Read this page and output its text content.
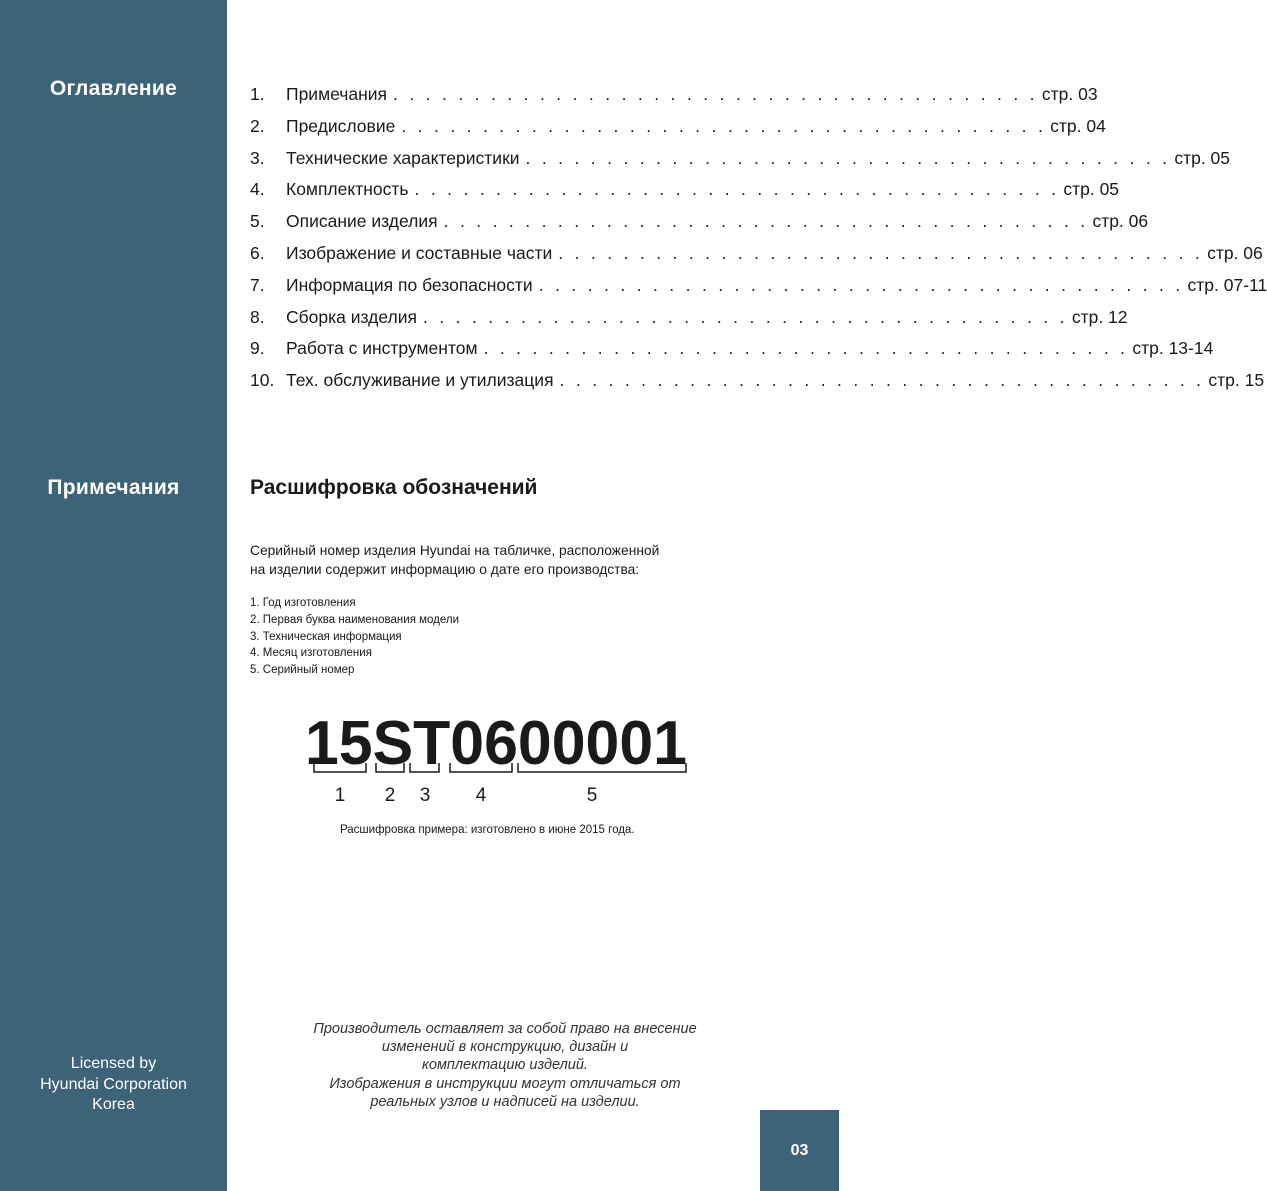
Оглавление
Примечания
Licensed by
Hyundai Corporation
Korea
1.	Примечания . . . . . . . . . . . . . . . . . . . . . . . . . . . . . . . . . . . . . . . . стр. 03
2.	Предисловие . . . . . . . . . . . . . . . . . . . . . . . . . . . . . . . . . . . . . . . . стр. 04
3.	Технические характеристики . . . . . . . . . . . . . . . . . . . . . . . . . . . . . . . . . . . . . . . . стр. 05
4.	Комплектность . . . . . . . . . . . . . . . . . . . . . . . . . . . . . . . . . . . . . . . . стр. 05
5.	Описание изделия . . . . . . . . . . . . . . . . . . . . . . . . . . . . . . . . . . . . . . . . стр. 06
6.	Изображение и составные части . . . . . . . . . . . . . . . . . . . . . . . . . . . . . . . . . . . . . . . . стр. 06
7.	Информация по безопасности . . . . . . . . . . . . . . . . . . . . . . . . . . . . . . . . . . . . . . . . стр. 07-11
8.	Сборка изделия . . . . . . . . . . . . . . . . . . . . . . . . . . . . . . . . . . . . . . . . стр. 12
9.	Работа с инструментом . . . . . . . . . . . . . . . . . . . . . . . . . . . . . . . . . . . . . . . . стр. 13-14
10. Тех. обслуживание и утилизация . . . . . . . . . . . . . . . . . . . . . . . . . . . . . . . . . . . . . . . . стр. 15
Расшифровка обозначений
Серийный номер изделия Hyundai на табличке, расположенной
на изделии содержит информацию о дате его производства:
1. Год изготовления
2. Первая буква наименования модели
3. Техническая информация
4. Месяц изготовления
5. Серийный номер
15ST0600001
1 2 3 4	5
Расшифровка примера: изготовлено в июне 2015 года.
Производитель оставляет за собой право на внесение
изменений в конструкцию, дизайн и
комплектацию изделий.
Изображения в инструкции могут отличаться от
реальных узлов и надписей на изделии.
03
